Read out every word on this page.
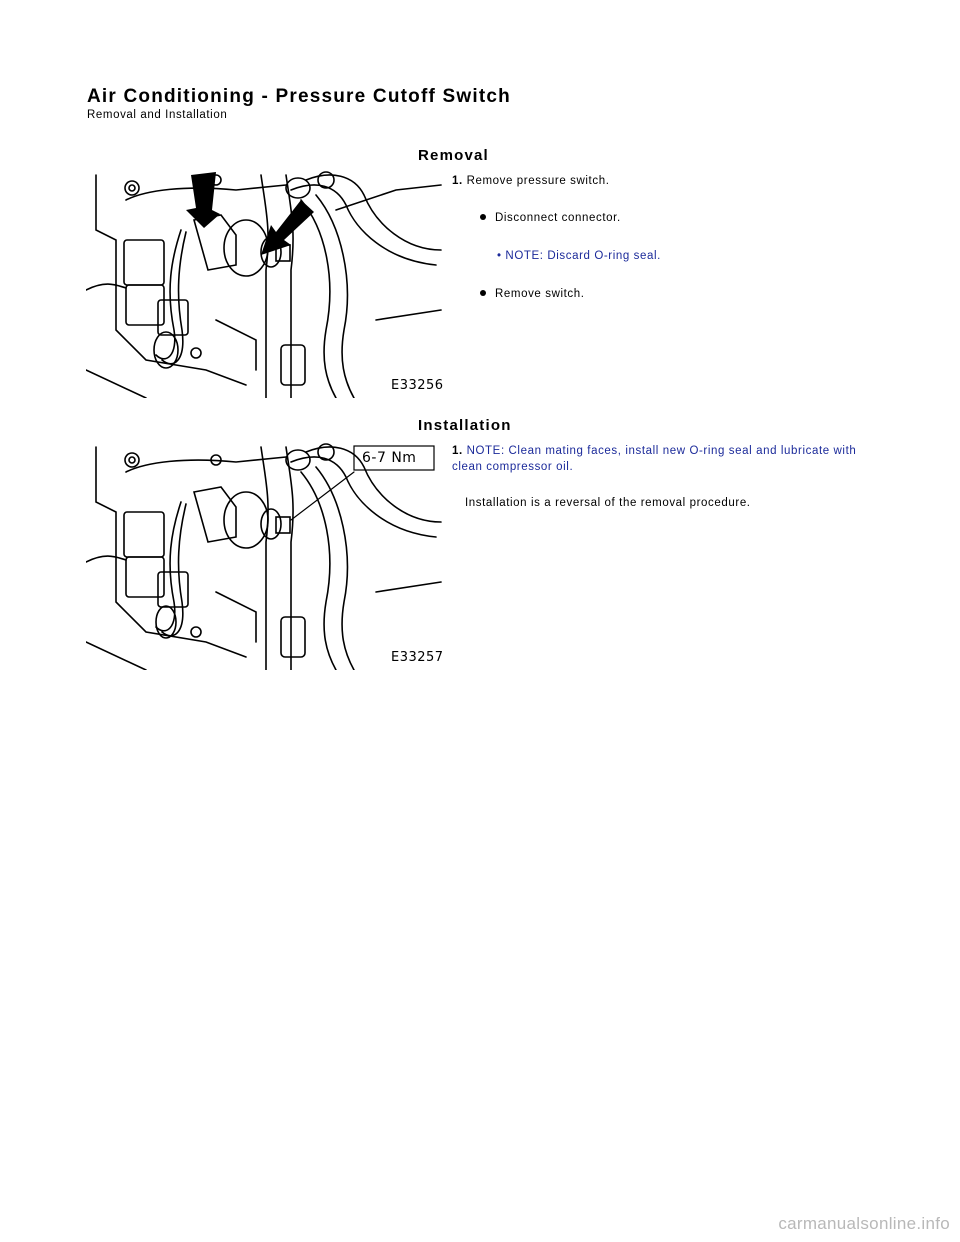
Air Conditioning - Pressure Cutoff Switch
Removal and Installation
Removal
E33256
1. Remove pressure switch.
Disconnect connector.
• NOTE: Discard O-ring seal.
Remove switch.
Installation
6-7 Nm
E33257
1. NOTE: Clean mating faces, install new O-ring seal and lubricate with clean compressor oil.
Installation is a reversal of the removal procedure.
carmanualsonline.info
